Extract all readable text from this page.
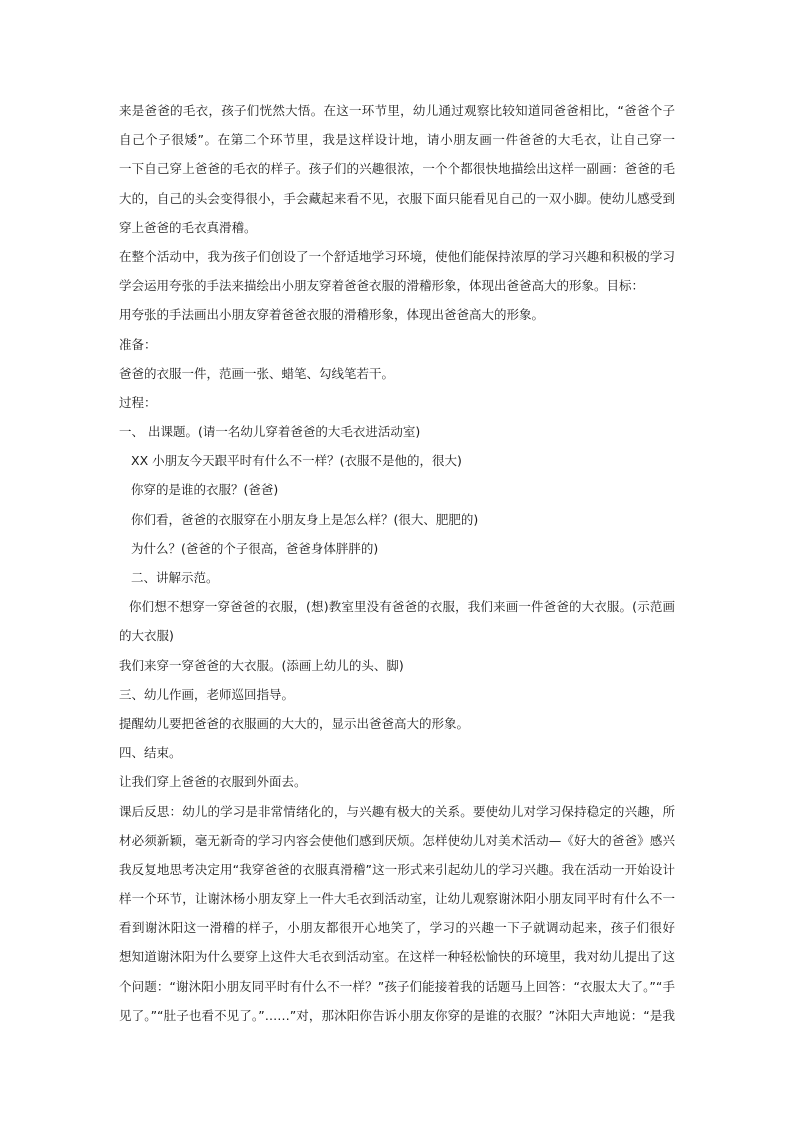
来是爸爸的毛衣，孩子们恍然大悟。在这一环节里，幼儿通过观察比较知道同爸爸相比，“爸爸个子
自己个子很矮”。在第二个环节里，我是这样设计地，请小朋友画一件爸爸的大毛衣，让自己穿一
一下自己穿上爸爸的毛衣的样子。孩子们的兴趣很浓，一个个都很快地描绘出这样一副画：爸爸的毛
大的，自己的头会变得很小，手会藏起来看不见，衣服下面只能看见自己的一双小脚。使幼儿感受到
穿上爸爸的毛衣真滑稽。
在整个活动中，我为孩子们创设了一个舒适地学习环境，使他们能保持浓厚的学习兴趣和积极的学习
学会运用夸张的手法来描绘出小朋友穿着爸爸衣服的滑稽形象，体现出爸爸高大的形象。目标：
用夸张的手法画出小朋友穿着爸爸衣服的滑稽形象，体现出爸爸高大的形象。
准备：
爸爸的衣服一件，范画一张、蜡笔、勾线笔若干。
过程：
一、 出课题。(请一名幼儿穿着爸爸的大毛衣进活动室)
XX 小朋友今天跟平时有什么不一样？(衣服不是他的，很大)
你穿的是谁的衣服？(爸爸)
你们看，爸爸的衣服穿在小朋友身上是怎么样？(很大、肥肥的)
为什么？(爸爸的个子很高，爸爸身体胖胖的)
二、讲解示范。
你们想不想穿一穿爸爸的衣服，(想)教室里没有爸爸的衣服，我们来画一件爸爸的大衣服。(示范画
的大衣服)
我们来穿一穿爸爸的大衣服。(添画上幼儿的头、脚)
三、幼儿作画，老师巡回指导。
提醒幼儿要把爸爸的衣服画的大大的，显示出爸爸高大的形象。
四、结束。
让我们穿上爸爸的衣服到外面去。
课后反思：幼儿的学习是非常情绪化的，与兴趣有极大的关系。要使幼儿对学习保持稳定的兴趣，所
材必须新颖，毫无新奇的学习内容会使他们感到厌烦。怎样使幼儿对美术活动—《好大的爸爸》感兴
我反复地思考决定用“我穿爸爸的衣服真滑稽”这一形式来引起幼儿的学习兴趣。我在活动一开始设计
样一个环节，让谢沐杨小朋友穿上一件大毛衣到活动室，让幼儿观察谢沐阳小朋友同平时有什么不一
看到谢沐阳这一滑稽的样子，小朋友都很开心地笑了，学习的兴趣一下子就调动起来，孩子们很好
想知道谢沐阳为什么要穿上这件大毛衣到活动室。在这样一种轻松愉快的环境里，我对幼儿提出了这
个问题：“谢沐阳小朋友同平时有什么不一样？”孩子们能接着我的话题马上回答：“衣服太大了。”“手
见了。”“肚子也看不见了。”……”对，那沐阳你告诉小朋友你穿的是谁的衣服？”沐阳大声地说：“是我
